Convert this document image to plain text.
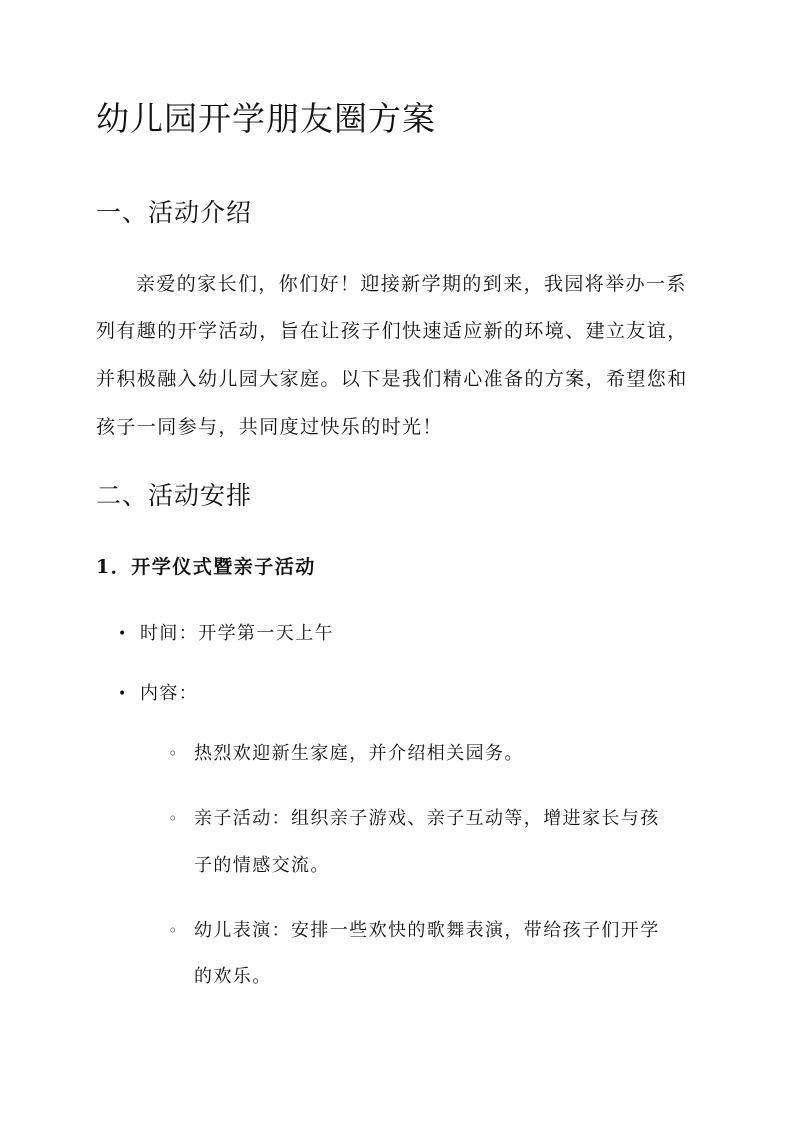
幼儿园开学朋友圈方案
一、活动介绍

亲爱的家长们，你们好！迎接新学期的到来，我园将举办一系

列有趣的开学活动，旨在让孩子们快速适应新的环境、建立友谊，

并积极融入幼儿园大家庭。以下是我们精心准备的方案，希望您和

孩子一同参与，共同度过快乐的时光！

二、活动安排
1．开学仪式暨亲子活动
• 时间：开学第一天上午
• 内容：
◦ 热烈欢迎新生家庭，并介绍相关园务。
◦ 亲子活动：组织亲子游戏、亲子互动等，增进家长与孩
子的情感交流。
◦ 幼儿表演：安排一些欢快的歌舞表演，带给孩子们开学
的欢乐。
